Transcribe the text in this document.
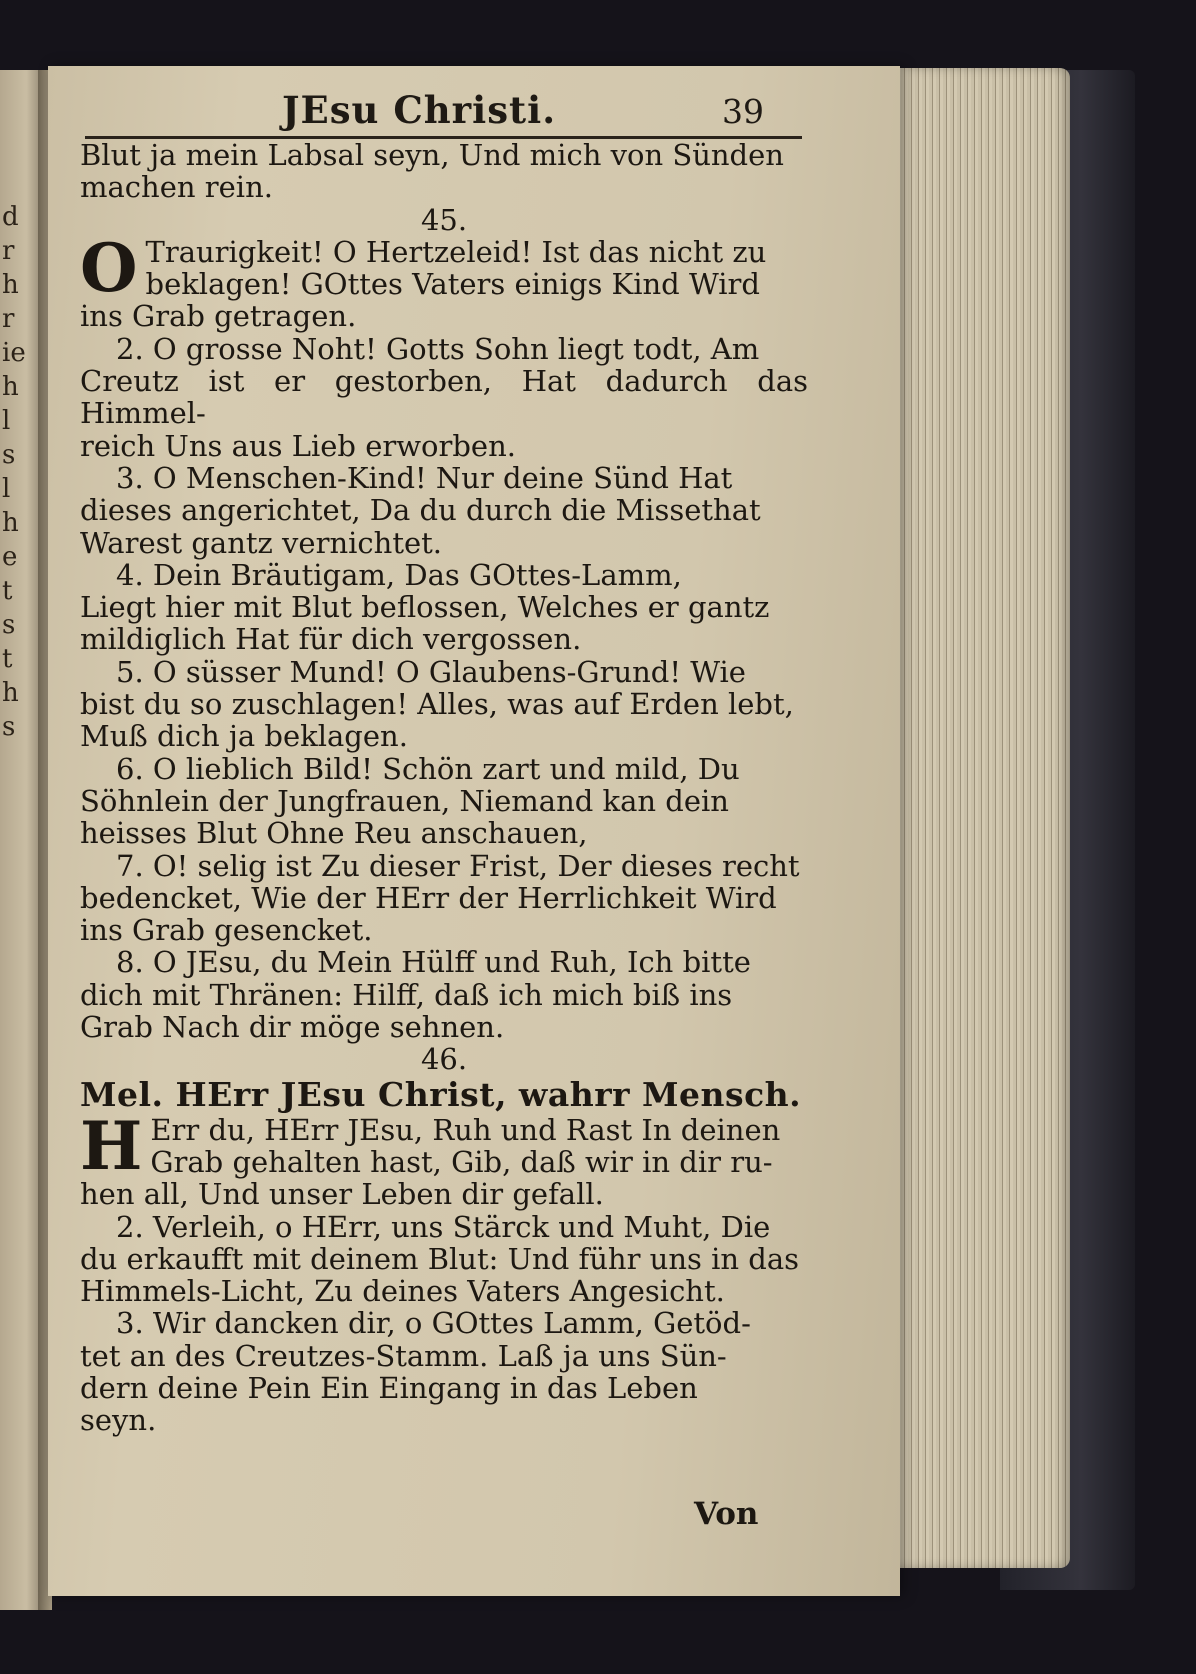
d
r
h
r
ie
h
l
s
l
h
e
t
s
t
h
s
JEsu Christi.	39

Blut ja mein Labsal seyn, Und mich von Sünden

machen rein.

45.

O Traurigkeit! O Hertzeleid! Ist das nicht zu

beklagen! GOttes Vaters einigs Kind Wird

ins Grab getragen.

2. O grosse Noht! Gotts Sohn liegt todt, Am

Creutz ist er gestorben, Hat dadurch das Himmel-

reich Uns aus Lieb erworben.

3. O Menschen-Kind! Nur deine Sünd Hat

dieses angerichtet, Da du durch die Missethat

Warest gantz vernichtet.

4. Dein Bräutigam, Das GOttes-Lamm,

Liegt hier mit Blut beflossen, Welches er gantz

mildiglich Hat für dich vergossen.

5. O süsser Mund! O Glaubens-Grund! Wie

bist du so zuschlagen! Alles, was auf Erden lebt,

Muß dich ja beklagen.

6. O lieblich Bild! Schön zart und mild, Du

Söhnlein der Jungfrauen, Niemand kan dein

heisses Blut Ohne Reu anschauen,

7. O! selig ist Zu dieser Frist, Der dieses recht

bedencket, Wie der HErr der Herrlichkeit Wird

ins Grab gesencket.

8. O JEsu, du Mein Hülff und Ruh, Ich bitte

dich mit Thränen: Hilff, daß ich mich biß ins

Grab Nach dir möge sehnen.

46.

Mel. HErr JEsu Christ, wahrr Mensch.

H Err du, HErr JEsu, Ruh und Rast In deinen

Grab gehalten hast, Gib, daß wir in dir ru-

hen all, Und unser Leben dir gefall.

2. Verleih, o HErr, uns Stärck und Muht, Die

du erkaufft mit deinem Blut: Und führ uns in das

Himmels-Licht, Zu deines Vaters Angesicht.

3. Wir dancken dir, o GOttes Lamm, Getöd-

tet an des Creutzes-Stamm. Laß ja uns Sün-

dern deine Pein Ein Eingang in das Leben

seyn.

Von
